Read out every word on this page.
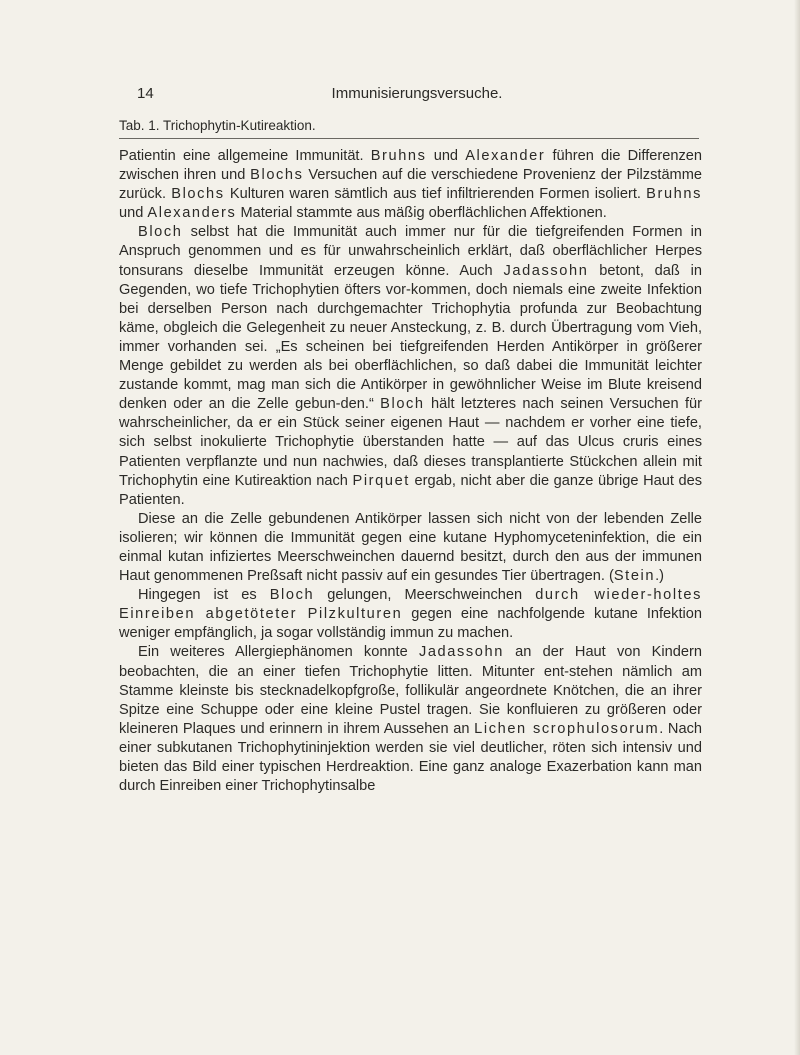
14	Immunisierungsversuche.
Tab. 1. Trichophytin-Kutireaktion.

Patientin eine allgemeine Immunität. Bruhns und Alexander führen die Differenzen zwischen ihren und Blochs Versuchen auf die verschiedene Provenienz der Pilzstämme zurück. Blochs Kulturen waren sämtlich aus tief infiltrierenden Formen isoliert. Bruhns und Alexanders Material stammte aus mäßig oberflächlichen Affektionen.

Bloch selbst hat die Immunität auch immer nur für die tiefgreifenden Formen in Anspruch genommen und es für unwahrscheinlich erklärt, daß oberflächlicher Herpes tonsurans dieselbe Immunität erzeugen könne. Auch Jadassohn betont, daß in Gegenden, wo tiefe Trichophytien öfters vor-kommen, doch niemals eine zweite Infektion bei derselben Person nach durchgemachter Trichophytia profunda zur Beobachtung käme, obgleich die Gelegenheit zu neuer Ansteckung, z. B. durch Übertragung vom Vieh, immer vorhanden sei. „Es scheinen bei tiefgreifenden Herden Antikörper in größerer Menge gebildet zu werden als bei oberflächlichen, so daß dabei die Immunität leichter zustande kommt, mag man sich die Antikörper in gewöhnlicher Weise im Blute kreisend denken oder an die Zelle gebun-den.“ Bloch hält letzteres nach seinen Versuchen für wahrscheinlicher, da er ein Stück seiner eigenen Haut — nachdem er vorher eine tiefe, sich selbst inokulierte Trichophytie überstanden hatte — auf das Ulcus cruris eines Patienten verpflanzte und nun nachwies, daß dieses transplantierte Stückchen allein mit Trichophytin eine Kutireaktion nach Pirquet ergab, nicht aber die ganze übrige Haut des Patienten.

Diese an die Zelle gebundenen Antikörper lassen sich nicht von der lebenden Zelle isolieren; wir können die Immunität gegen eine kutane Hyphomyceteninfektion, die ein einmal kutan infiziertes Meerschweinchen dauernd besitzt, durch den aus der immunen Haut genommenen Preßsaft nicht passiv auf ein gesundes Tier übertragen. (Stein.)

Hingegen ist es Bloch gelungen, Meerschweinchen durch wieder-holtes Einreiben abgetöteter Pilzkulturen gegen eine nachfolgende kutane Infektion weniger empfänglich, ja sogar vollständig immun zu machen.

Ein weiteres Allergiephänomen konnte Jadassohn an der Haut von Kindern beobachten, die an einer tiefen Trichophytie litten. Mitunter ent-stehen nämlich am Stamme kleinste bis stecknadelkopfgroße, follikulär angeordnete Knötchen, die an ihrer Spitze eine Schuppe oder eine kleine Pustel tragen. Sie konfluieren zu größeren oder kleineren Plaques und erinnern in ihrem Aussehen an Lichen scrophulosorum. Nach einer subkutanen Trichophytininjektion werden sie viel deutlicher, röten sich intensiv und bieten das Bild einer typischen Herdreaktion. Eine ganz analoge Exazerbation kann man durch Einreiben einer Trichophytinsalbe
